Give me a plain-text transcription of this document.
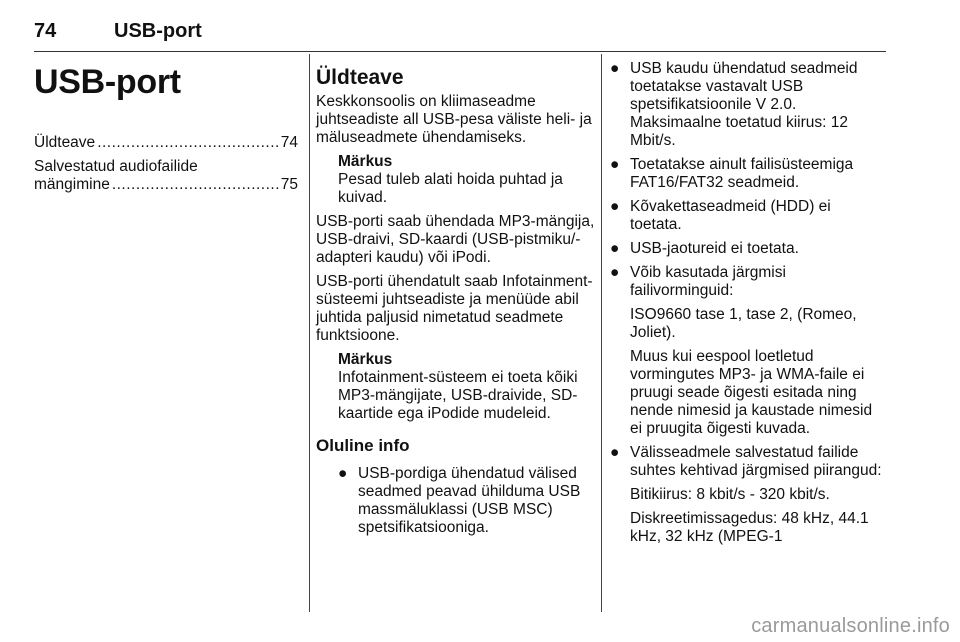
74	USB-port
USB-port
Üldteave .....	74
Salvestatud audiofailide
mängimine .....	75
Üldteave

Keskkonsoolis on kliimaseadme juhtseadiste all USB-pesa väliste heli- ja mäluseadmete ühendamiseks.

Märkus
Pesad tuleb alati hoida puhtad ja kuivad.

USB-porti saab ühendada MP3-mängija, USB-draivi, SD-kaardi (USB-pistmiku/-adapteri kaudu) või iPodi.

USB-porti ühendatult saab Infotainment-süsteemi juhtseadiste ja menüüde abil juhtida paljusid nimetatud seadmete funktsioone.

Märkus
Infotainment-süsteem ei toeta kõiki MP3-mängijate, USB-draivide, SD-kaartide ega iPodide mudeleid.
Oluline info
● USB-pordiga ühendatud välised seadmed peavad ühilduma USB massmäluklassi (USB MSC) spetsifikatsiooniga.

● USB kaudu ühendatud seadmeid toetatakse vastavalt USB spetsifikatsioonile V 2.0. Maksimaalne toetatud kiirus: 12 Mbit/s.

● Toetatakse ainult failisüsteemiga FAT16/FAT32 seadmeid.

● Kõvakettaseadmeid (HDD) ei toetata.

● USB-jaotureid ei toetata.

● Võib kasutada järgmisi failivorminguid:

ISO9660 tase 1, tase 2, (Romeo, Joliet).

Muus kui eespool loetletud vormingutes MP3- ja WMA-faile ei pruugi seade õigesti esitada ning nende nimesid ja kaustade nimesid ei pruugita õigesti kuvada.

● Välisseadmele salvestatud failide suhtes kehtivad järgmised piirangud:

Bitikiirus: 8 kbit/s - 320 kbit/s.

Diskreetimissagedus: 48 kHz, 44.1 kHz, 32 kHz (MPEG-1

carmanualsonline.info
